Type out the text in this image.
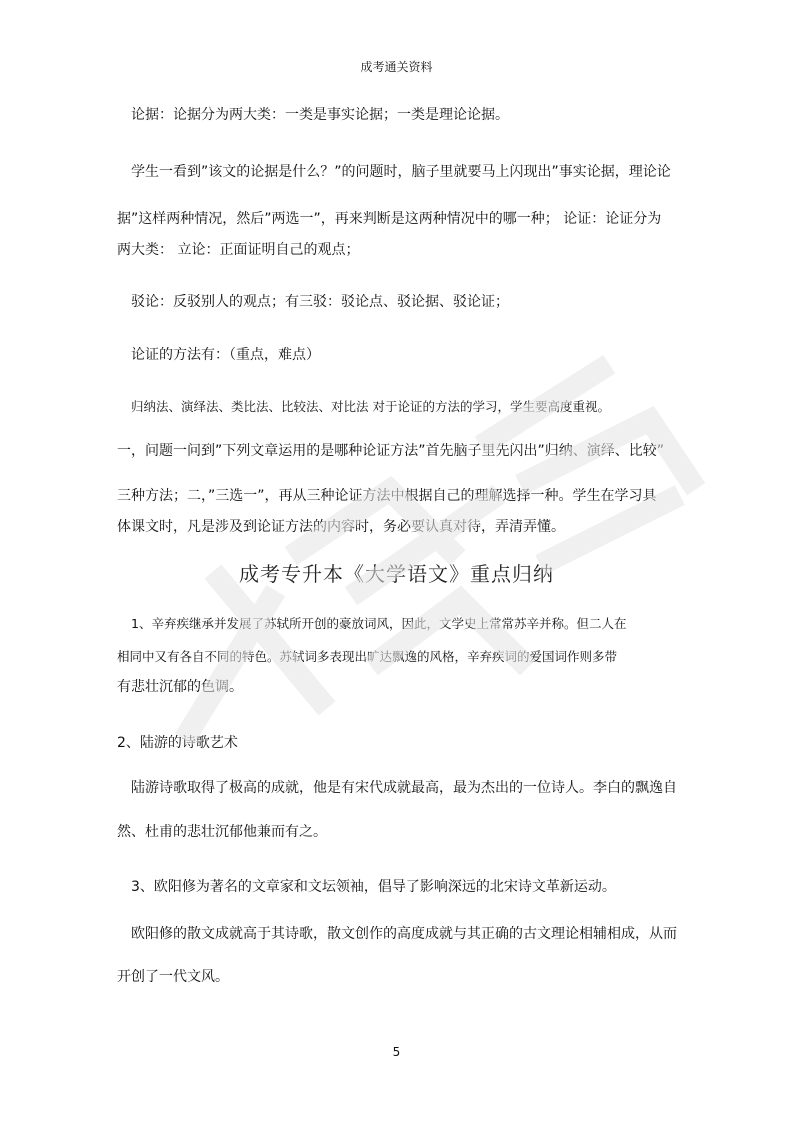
成考通关资料
论据：论据分为两大类：一类是事实论据；一类是理论论据。
学生一看到”该文的论据是什么？”的问题时，脑子里就要马上闪现出”事实论据，理论论
据”这样两种情况，然后”两选一”，再来判断是这两种情况中的哪一种； 论证：论证分为
两大类： 立论：正面证明自己的观点；
驳论：反驳别人的观点；有三驳：驳论点、驳论据、驳论证；
论证的方法有：（重点，难点）
归纳法、演绎法、类比法、比较法、对比法 对于论证的方法的学习，学生要高度重视。
一，问题一问到”下列文章运用的是哪种论证方法”首先脑子里先闪出”归纳、演绎、比较”
三种方法；二，”三选一”，再从三种论证方法中根据自己的理解选择一种。学生在学习具
体课文时，凡是涉及到论证方法的内容时，务必要认真对待，弄清弄懂。
成考专升本《大学语文》重点归纳
1、辛弃疾继承并发展了苏轼所开创的豪放词风，因此，文学史上常常苏辛并称。但二人在
相同中又有各自不同的特色。苏轼词多表现出旷达飘逸的风格，辛弃疾词的爱国词作则多带
有悲壮沉郁的色调。
2、陆游的诗歌艺术
陆游诗歌取得了极高的成就，他是有宋代成就最高，最为杰出的一位诗人。李白的飘逸自
然、杜甫的悲壮沉郁他兼而有之。
3、欧阳修为著名的文章家和文坛领袖，倡导了影响深远的北宋诗文革新运动。
欧阳修的散文成就高于其诗歌，散文创作的高度成就与其正确的古文理论相辅相成，从而
开创了一代文风。
5
